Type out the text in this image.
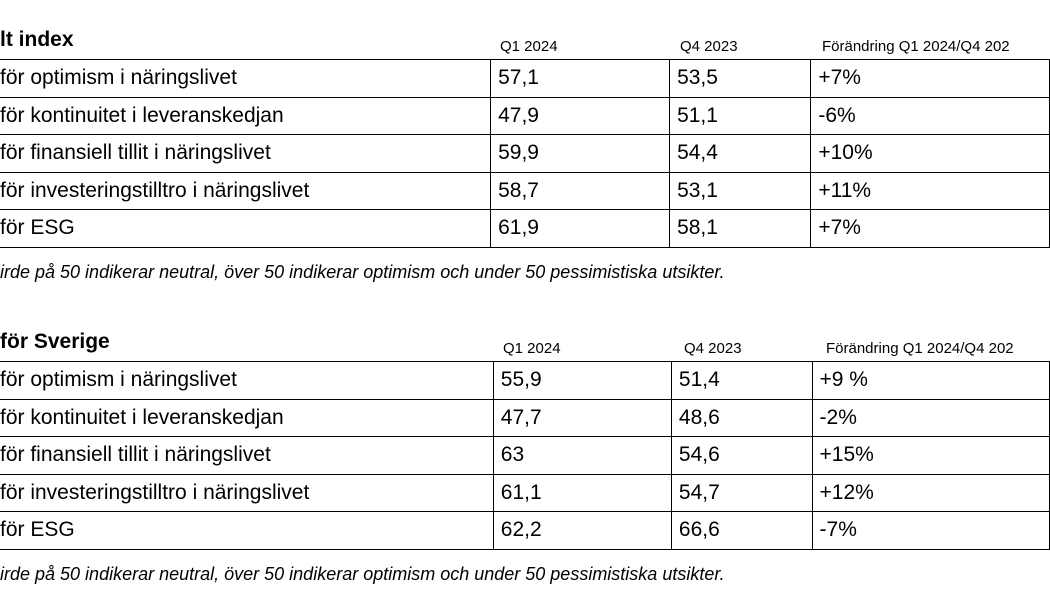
lt index	Q1 2024	Q4 2023	Förändring Q1 2024/Q4 202
för optimism i näringslivet	57,1	53,5	+7%
för kontinuitet i leveranskedjan	47,9	51,1	-6%
för finansiell tillit i näringslivet	59,9	54,4	+10%
för investeringstilltro i näringslivet	58,7	53,1	+11%
för ESG	61,9	58,1	+7%
irde på 50 indikerar neutral, över 50 indikerar optimism och under 50 pessimistiska utsikter.
för Sverige	Q1 2024	Q4 2023	Förändring Q1 2024/Q4 202
för optimism i näringslivet	55,9	51,4	+9 %
för kontinuitet i leveranskedjan	47,7	48,6	-2%
för finansiell tillit i näringslivet	63	54,6	+15%
för investeringstilltro i näringslivet	61,1	54,7	+12%
för ESG	62,2	66,6	-7%
irde på 50 indikerar neutral, över 50 indikerar optimism och under 50 pessimistiska utsikter.
